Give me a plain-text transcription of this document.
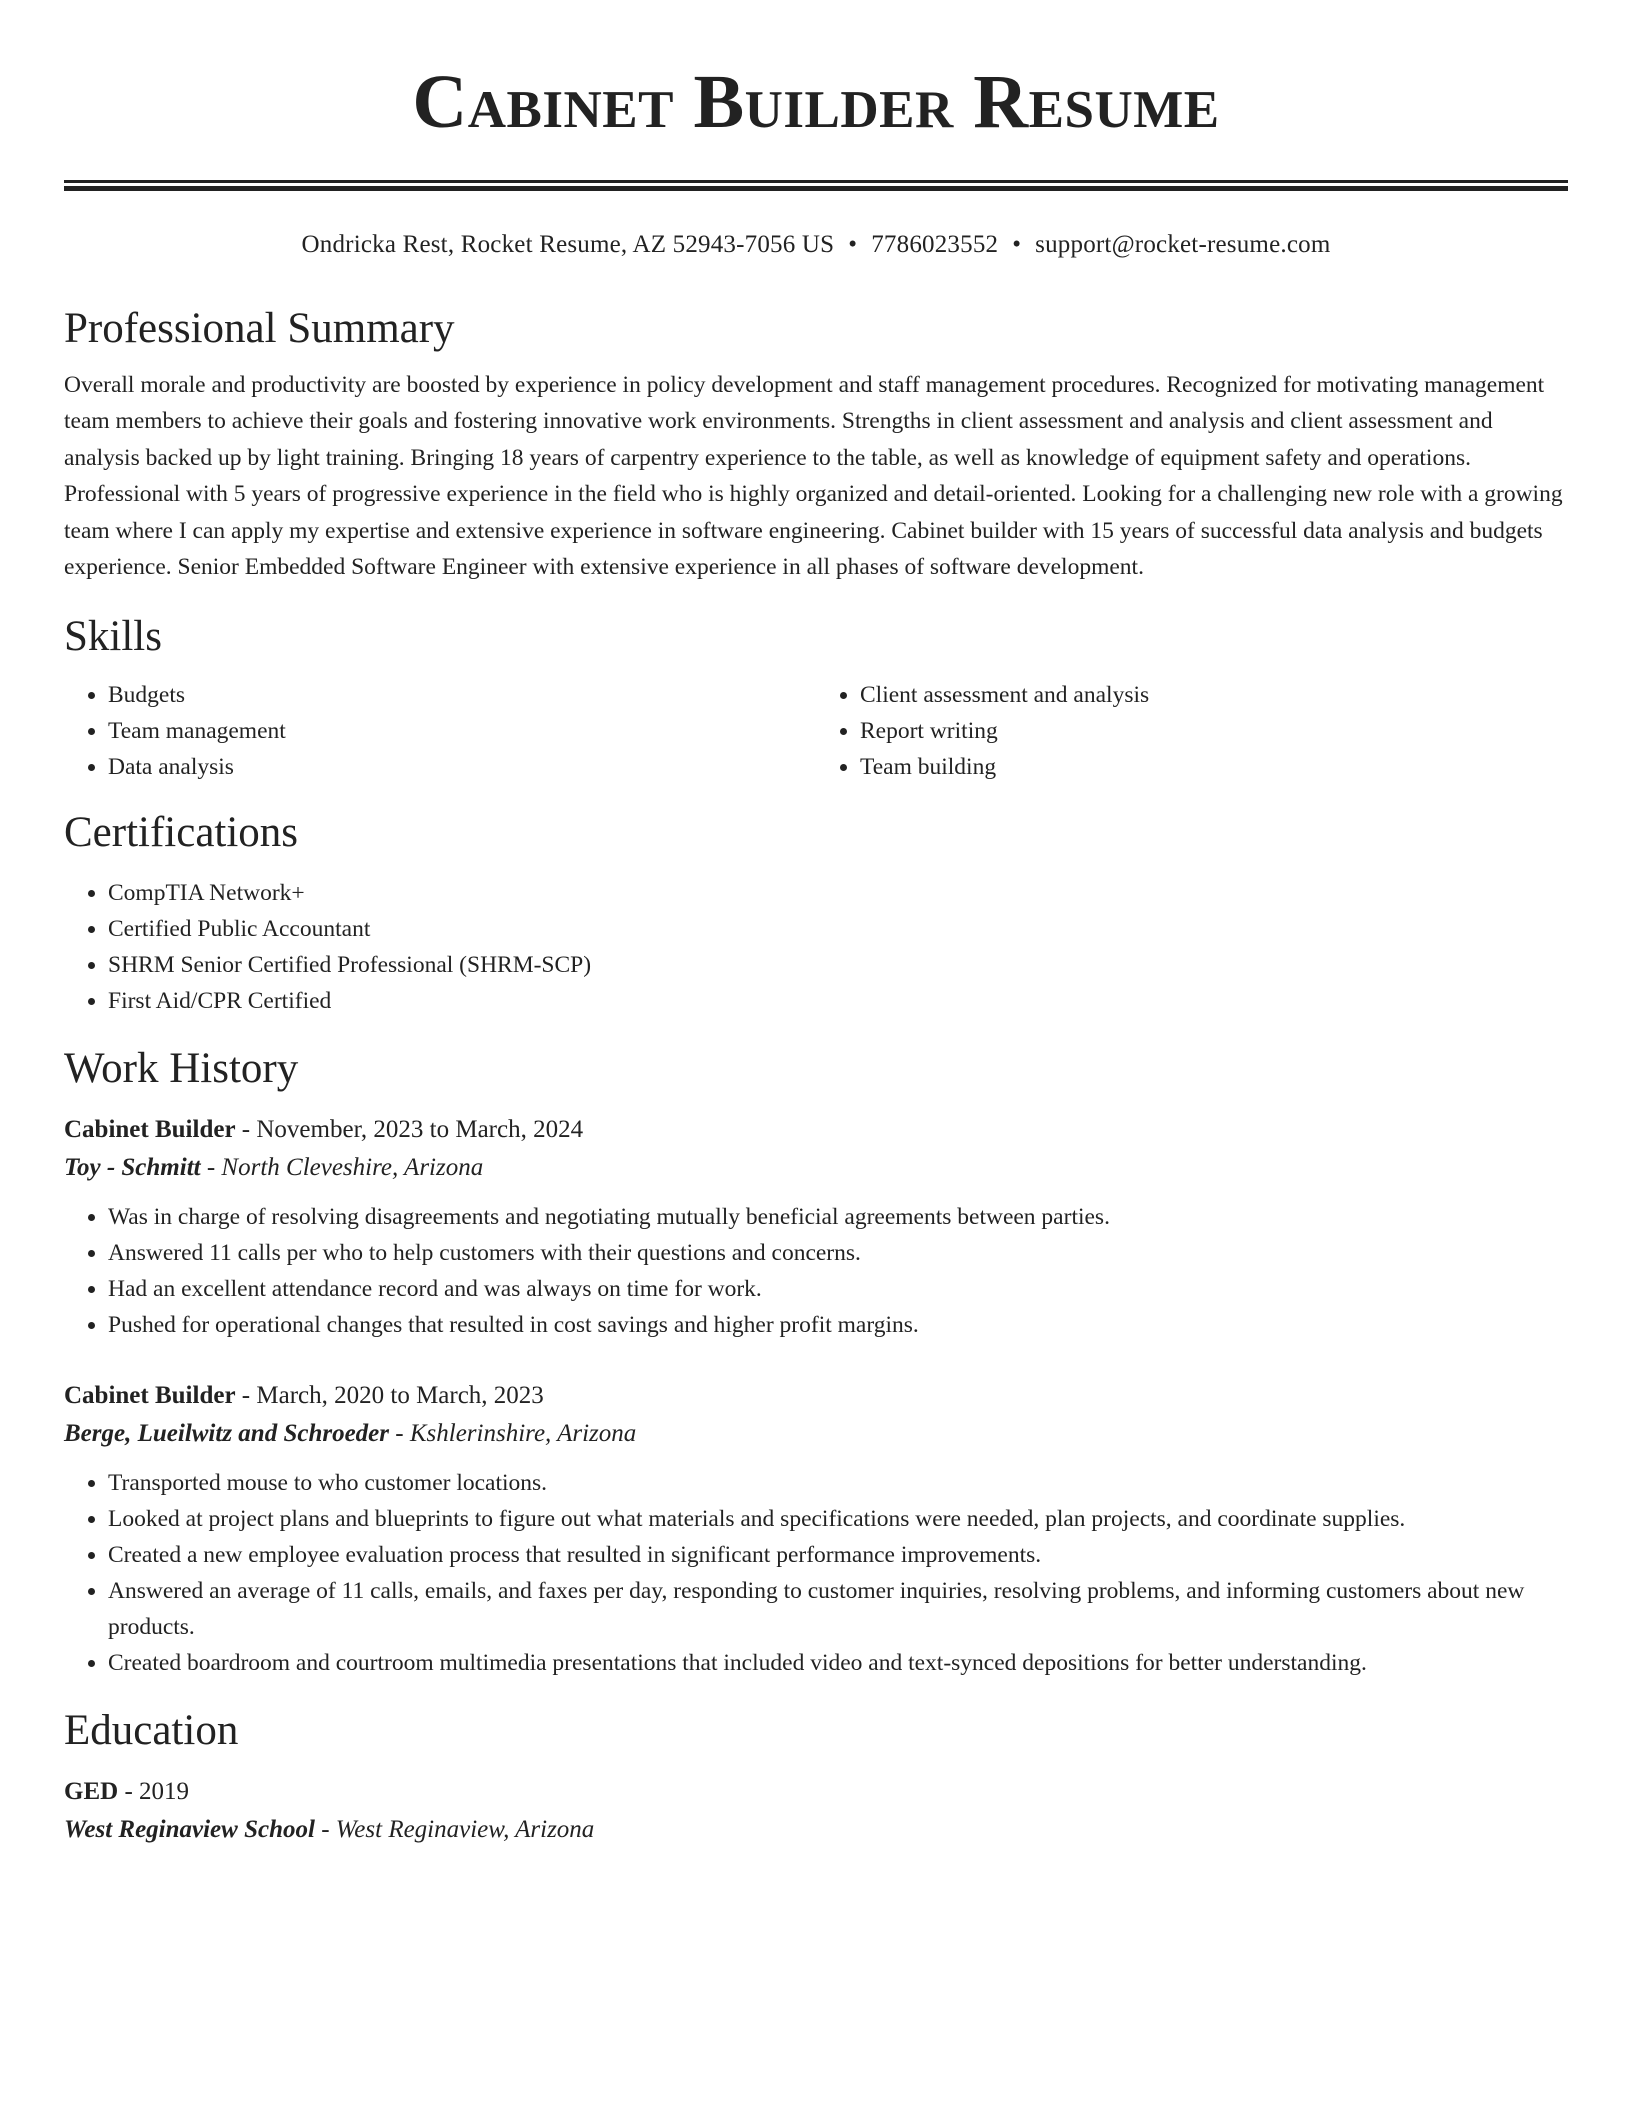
Cabinet Builder Resume
Ondricka Rest, Rocket Resume, AZ 52943-7056 US • 7786023552 • support@rocket-resume.com
Professional Summary

Overall morale and productivity are boosted by experience in policy development and staff management procedures. Recognized for motivating management team members to achieve their goals and fostering innovative work environments. Strengths in client assessment and analysis and client assessment and analysis backed up by light training. Bringing 18 years of carpentry experience to the table, as well as knowledge of equipment safety and operations. Professional with 5 years of progressive experience in the field who is highly organized and detail-oriented. Looking for a challenging new role with a growing team where I can apply my expertise and extensive experience in software engineering. Cabinet builder with 15 years of successful data analysis and budgets experience. Senior Embedded Software Engineer with extensive experience in all phases of software development.

Skills
• Budgets
• Team management
• Data analysis
• Client assessment and analysis
• Report writing
• Team building
Certifications
• CompTIA Network+
• Certified Public Accountant
• SHRM Senior Certified Professional (SHRM-SCP)
• First Aid/CPR Certified
Work History
Cabinet Builder - November, 2023 to March, 2024
Toy - Schmitt - North Cleveshire, Arizona
• Was in charge of resolving disagreements and negotiating mutually beneficial agreements between parties.
• Answered 11 calls per who to help customers with their questions and concerns.
• Had an excellent attendance record and was always on time for work.
• Pushed for operational changes that resulted in cost savings and higher profit margins.
Cabinet Builder - March, 2020 to March, 2023
Berge, Lueilwitz and Schroeder - Kshlerinshire, Arizona
• Transported mouse to who customer locations.
• Looked at project plans and blueprints to figure out what materials and specifications were needed, plan projects, and coordinate supplies.
• Created a new employee evaluation process that resulted in significant performance improvements.
• Answered an average of 11 calls, emails, and faxes per day, responding to customer inquiries, resolving problems, and informing customers about new products.
• Created boardroom and courtroom multimedia presentations that included video and text-synced depositions for better understanding.
Education
GED - 2019
West Reginaview School - West Reginaview, Arizona
